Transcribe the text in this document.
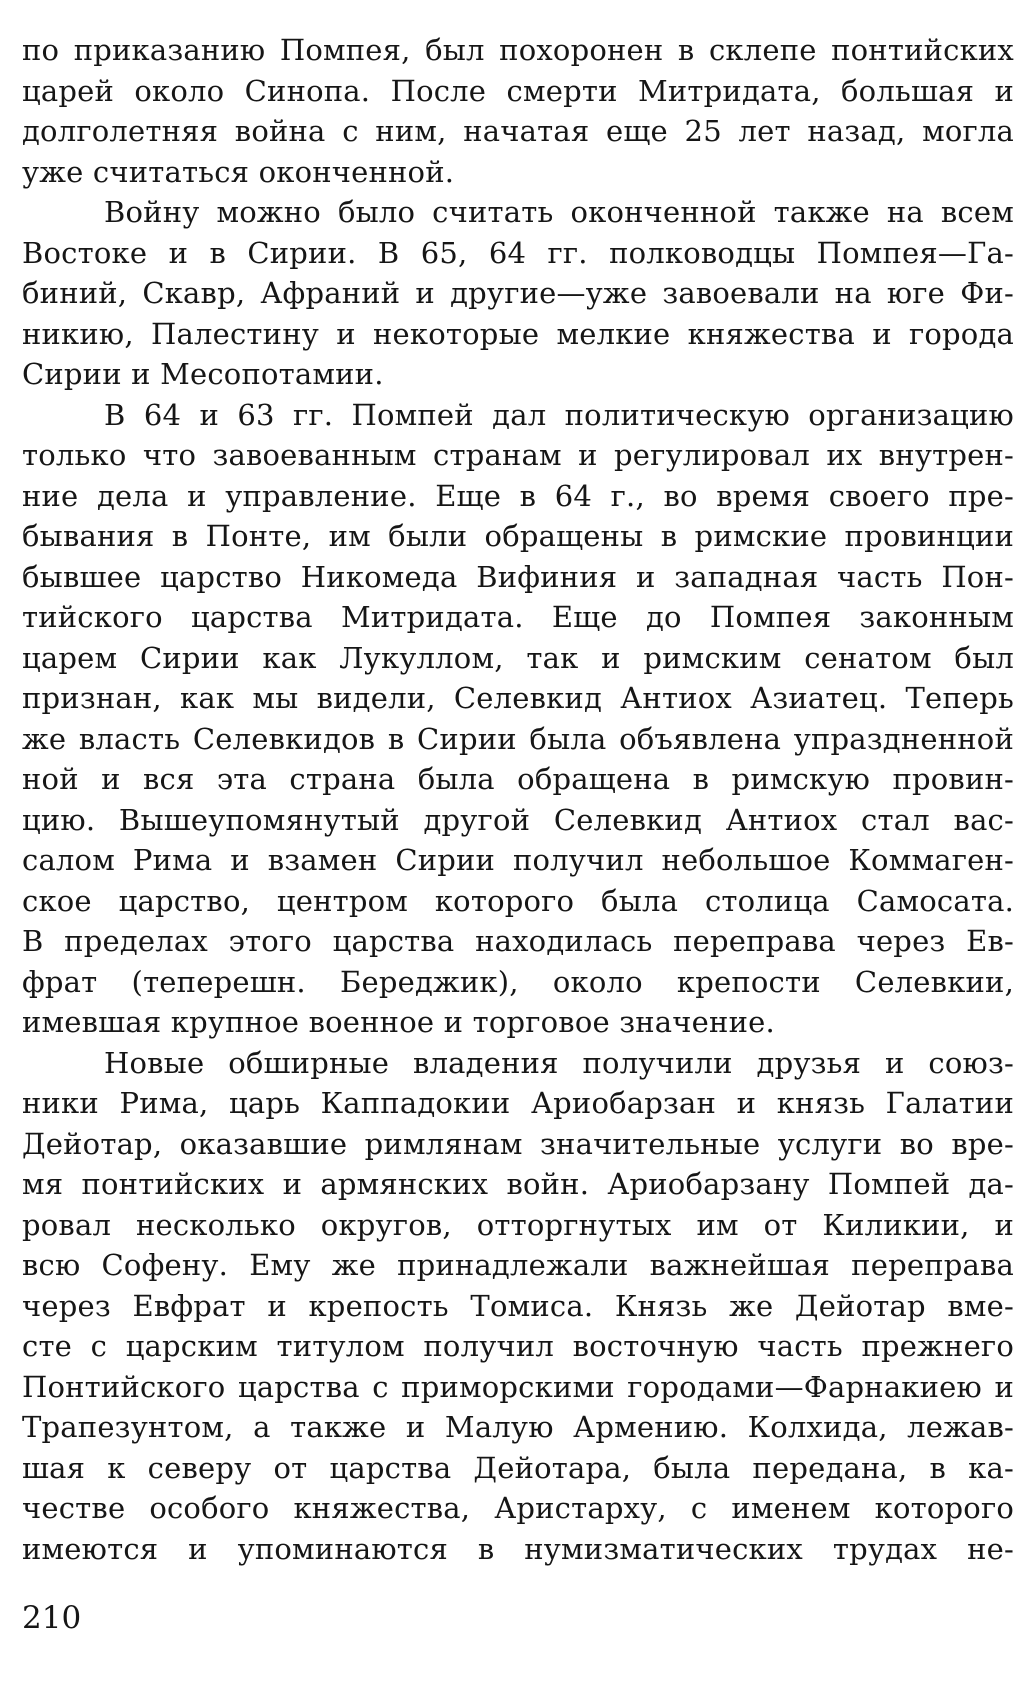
по приказанию Помпея, был похоронен в склепе понтийских
царей около Синопа. После смерти Митридата, большая и
долголетняя война с ним, начатая еще 25 лет назад, могла
уже считаться оконченной.
Войну можно было считать оконченной также на всем
Востоке и в Сирии. В 65, 64 гг. полководцы Помпея—Га-
биний, Скавр, Афраний и другие—уже завоевали на юге Фи-
никию, Палестину и некоторые мелкие княжества и города
Сирии и Месопотамии.
В 64 и 63 гг. Помпей дал политическую организацию
только что завоеванным странам и регулировал их внутрен-
ние дела и управление. Еще в 64 г., во время своего пре-
бывания в Понте, им были обращены в римские провинции
бывшее царство Никомеда Вифиния и западная часть Пон-
тийского царства Митридата. Еще до Помпея законным
царем Сирии как Лукуллом, так и римским сенатом был
признан, как мы видели, Селевкид Антиох Азиатец. Теперь
же власть Селевкидов в Сирии была объявлена упраздненной
ной и вся эта страна была обращена в римскую провин-
цию. Вышеупомянутый другой Селевкид Антиох стал вас-
салом Рима и взамен Сирии получил небольшое Коммаген-
ское царство, центром которого была столица Самосата.
В пределах этого царства находилась переправа через Ев-
фрат (теперешн. Береджик), около крепости Селевкии,
имевшая крупное военное и торговое значение.
Новые обширные владения получили друзья и союз-
ники Рима, царь Каппадокии Ариобарзан и князь Галатии
Дейотар, оказавшие римлянам значительные услуги во вре-
мя понтийских и армянских войн. Ариобарзану Помпей да-
ровал несколько округов, отторгнутых им от Киликии, и
всю Софену. Ему же принадлежали важнейшая переправа
через Евфрат и крепость Томиса. Князь же Дейотар вме-
сте с царским титулом получил восточную часть прежнего
Понтийского царства с приморскими городами—Фарнакиею и
Трапезунтом, а также и Малую Армению. Колхида, лежав-
шая к северу от царства Дейотара, была передана, в ка-
честве особого княжества, Аристарху, с именем которого
имеются и упоминаются в нумизматических трудах не-
210
